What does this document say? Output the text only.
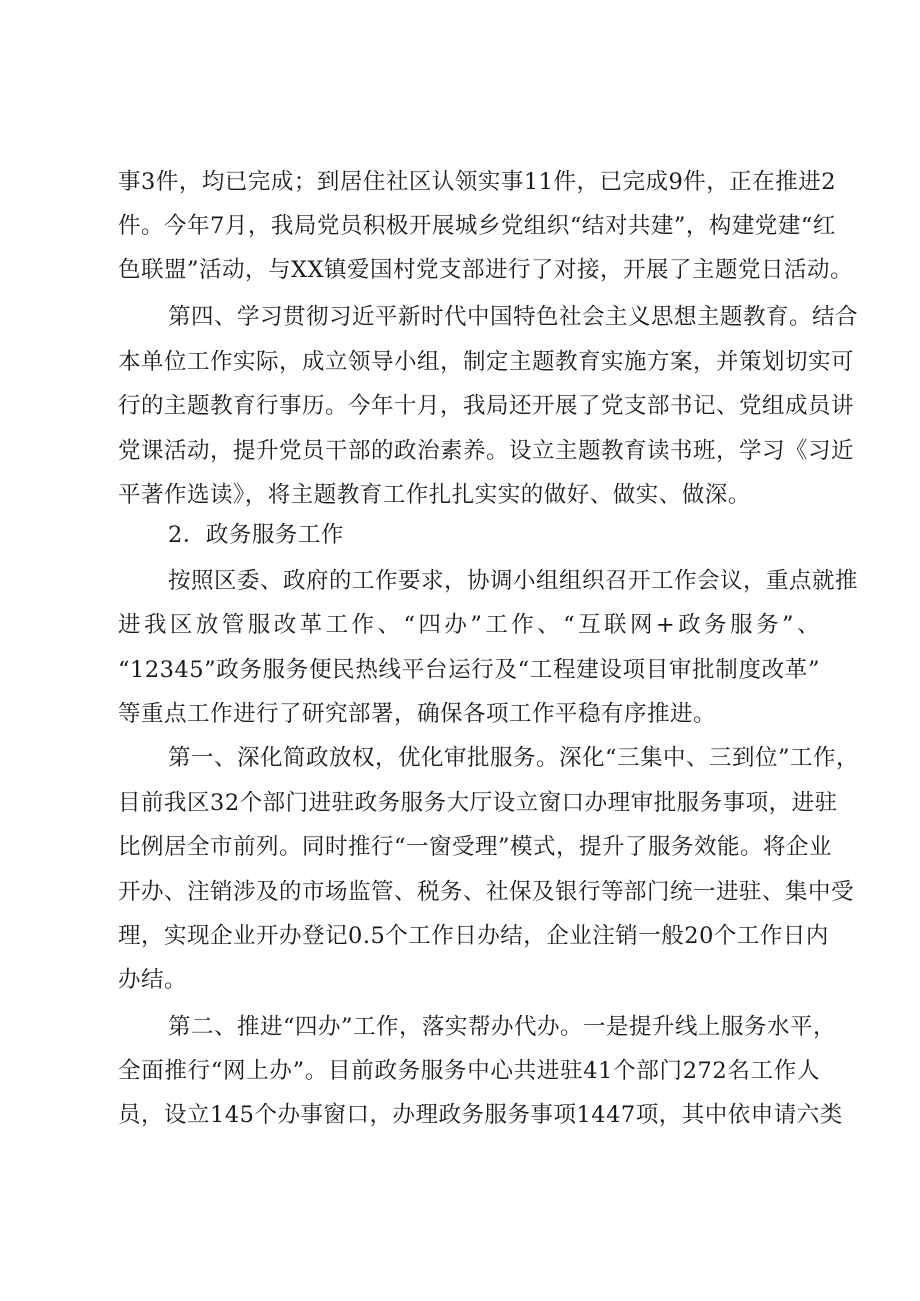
事3件，均已完成；到居住社区认领实事11件，已完成9件，正在推进2
件。今年7月，我局党员积极开展城乡党组织“结对共建”，构建党建“红
色联盟”活动，与XX镇爱国村党支部进行了对接，开展了主题党日活动。
第四、学习贯彻习近平新时代中国特色社会主义思想主题教育。结合
本单位工作实际，成立领导小组，制定主题教育实施方案，并策划切实可
行的主题教育行事历。今年十月，我局还开展了党支部书记、党组成员讲
党课活动，提升党员干部的政治素养。设立主题教育读书班，学习《习近
平著作选读》，将主题教育工作扎扎实实的做好、做实、做深。
2．政务服务工作
按照区委、政府的工作要求，协调小组组织召开工作会议，重点就推
进我区放管服改革工作、“四办”工作、“互联网+政务服务”、
“12345”政务服务便民热线平台运行及“工程建设项目审批制度改革”
等重点工作进行了研究部署，确保各项工作平稳有序推进。
第一、深化简政放权，优化审批服务。深化“三集中、三到位”工作，
目前我区32个部门进驻政务服务大厅设立窗口办理审批服务事项，进驻
比例居全市前列。同时推行“一窗受理”模式，提升了服务效能。将企业
开办、注销涉及的市场监管、税务、社保及银行等部门统一进驻、集中受
理，实现企业开办登记0.5个工作日办结，企业注销一般20个工作日内
办结。
第二、推进“四办”工作，落实帮办代办。一是提升线上服务水平，
全面推行“网上办”。目前政务服务中心共进驻41个部门272名工作人
员，设立145个办事窗口，办理政务服务事项1447项，其中依申请六类
